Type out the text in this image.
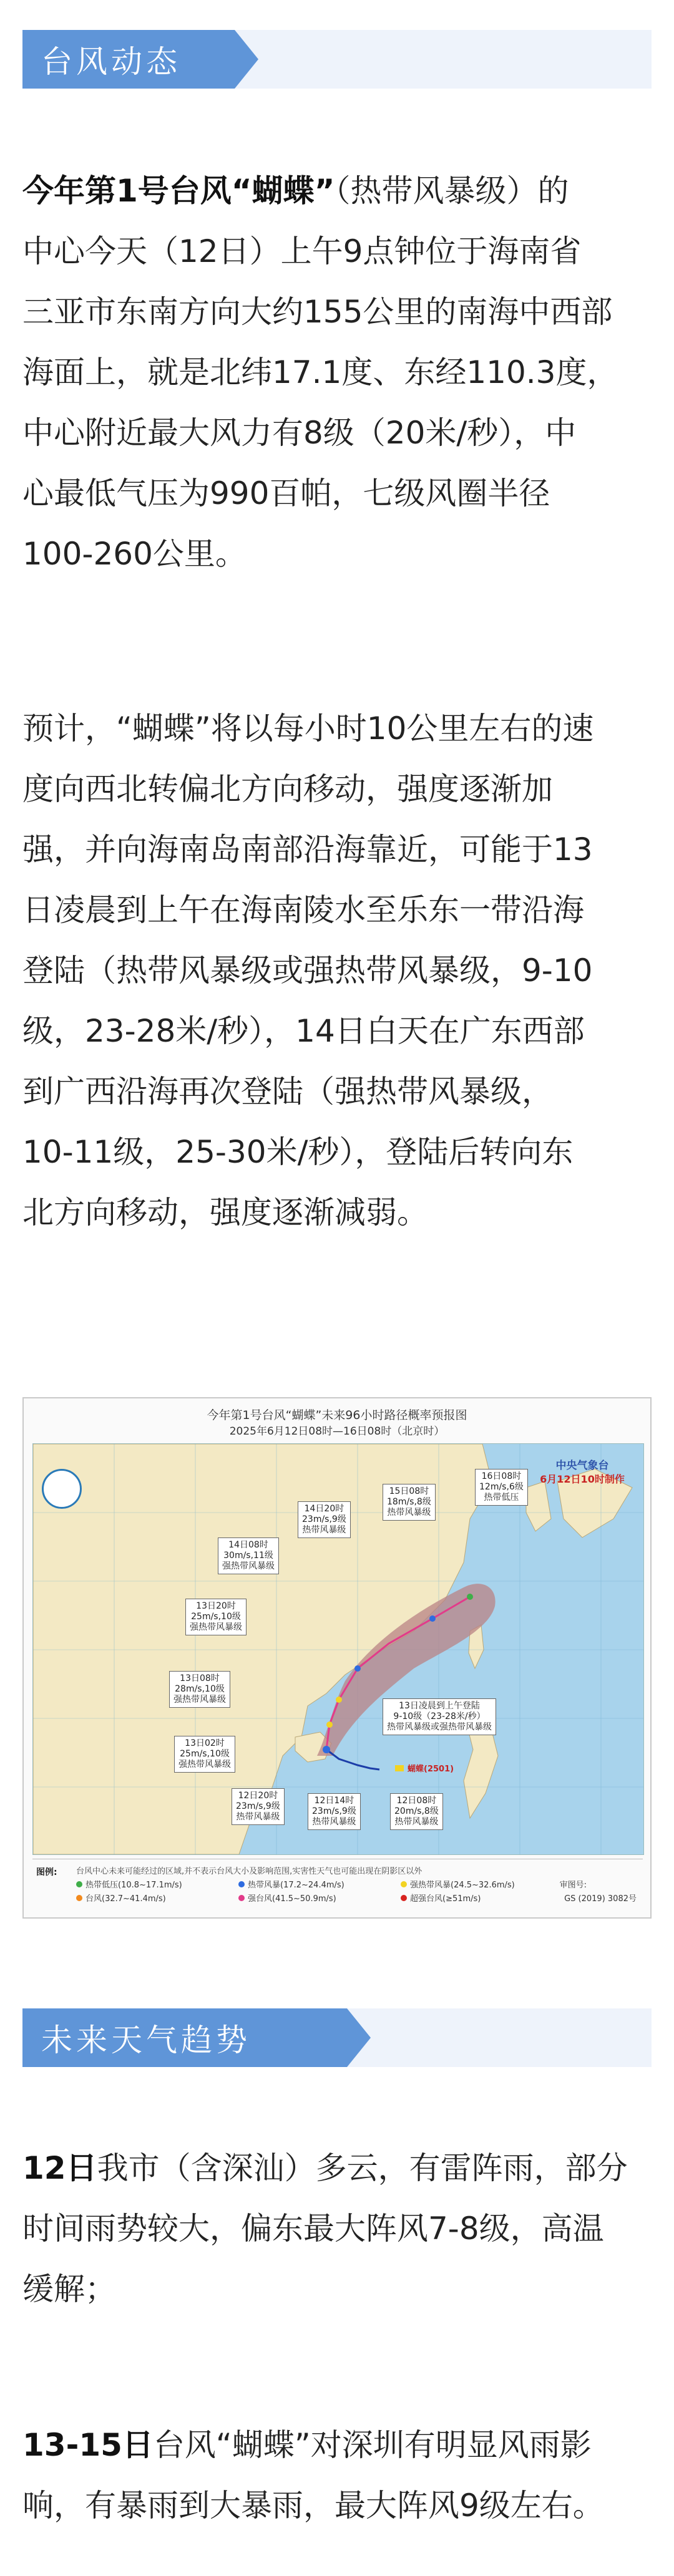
台风动态
今年第1号台风“蝴蝶”（热带风暴级）的
中心今天（12日）上午9点钟位于海南省
三亚市东南方向大约155公里的南海中西部
海面上，就是北纬17.1度、东经110.3度，
中心附近最大风力有8级（20米/秒），中
心最低气压为990百帕，七级风圈半径
100-260公里。
预计，“蝴蝶”将以每小时10公里左右的速
度向西北转偏北方向移动，强度逐渐加
强，并向海南岛南部沿海靠近，可能于13
日凌晨到上午在海南陵水至乐东一带沿海
登陆（热带风暴级或强热带风暴级，9-10
级，23-28米/秒），14日白天在广东西部
到广西沿海再次登陆（强热带风暴级，
10-11级，25-30米/秒），登陆后转向东
北方向移动，强度逐渐减弱。
今年第1号台风“蝴蝶”未来96小时路径概率预报图
2025年6月12日08时—16日08时（北京时）
15日08时
18m/s,8级
热带风暴级
16日08时
12m/s,6级
热带低压
14日20时
23m/s,9级
热带风暴级
14日08时
30m/s,11级
强热带风暴级
13日20时
25m/s,10级
强热带风暴级
13日08时
28m/s,10级
强热带风暴级
13日02时
25m/s,10级
强热带风暴级
12日20时
23m/s,9级
热带风暴级
12日14时
23m/s,9级
热带风暴级
12日08时
20m/s,8级
热带风暴级
13日凌晨到上午登陆
9-10级（23-28米/秒）
热带风暴级或强热带风暴级
蝴蝶(2501)
中央气象台
6月12日10时制作
图例: 台风中心未来可能经过的区域,并不表示台风大小及影响范围,实害性天气也可能出现在阴影区以外
热带低压(10.8~17.1m/s)	热带风暴(17.2~24.4m/s)	强热带风暴(24.5~32.6m/s)
台风(32.7~41.4m/s)	强台风(41.5~50.9m/s)	超强台风(≥51m/s)
审图号:
GS (2019) 3082号
未来天气趋势
12日我市（含深汕）多云，有雷阵雨，部分
时间雨势较大，偏东最大阵风7-8级，高温
缓解；
13-15日台风“蝴蝶”对深圳有明显风雨影
响，有暴雨到大暴雨，最大阵风9级左右。
